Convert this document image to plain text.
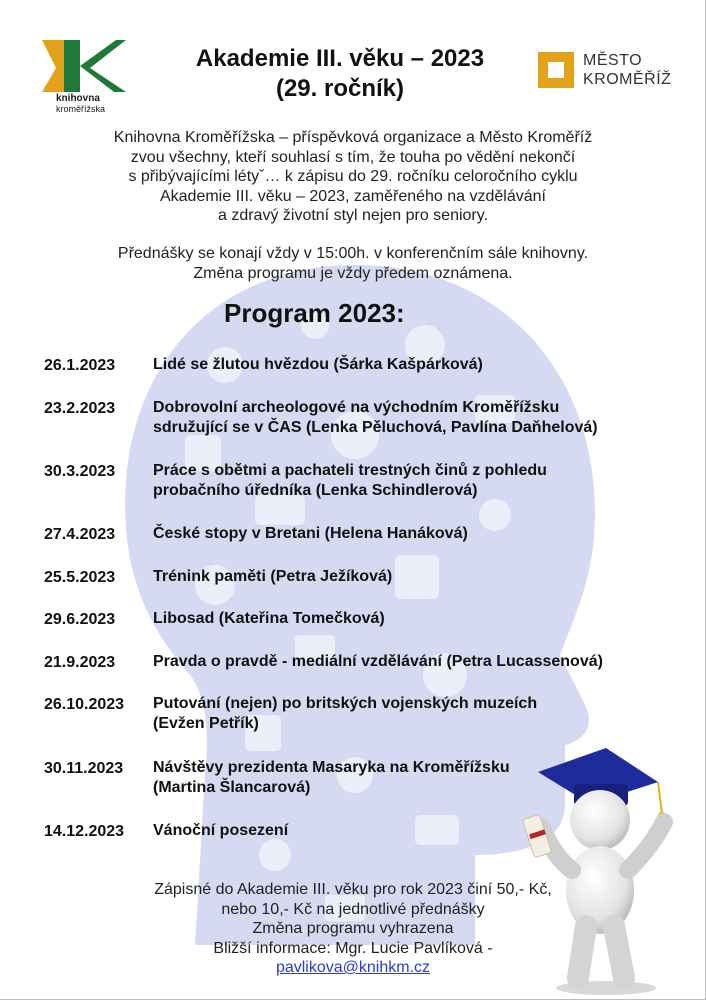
knihovna
kroměřížska
Akademie III. věku – 2023
(29. ročník)
MĚSTO
KROMĚŘÍŽ
Knihovna Kroměřížska – příspěvková organizace a Město Kroměříž
zvou všechny, kteří souhlasí s tím, že touha po vědění nekončí
s přibývajícími létyˇ… k zápisu do 29. ročníku celoročního cyklu
Akademie III. věku – 2023, zaměřeného na vzdělávání
a zdravý životní styl nejen pro seniory.
Přednášky se konají vždy v 15:00h. v konferenčním sále knihovny.
Změna programu je vždy předem oznámena.
Program 2023:
26.1.2023	Lidé se žlutou hvězdou (Šárka Kašpárková)
23.2.2023	Dobrovolní archeologové na východním Kroměřížsku
sdružující se v ČAS (Lenka Pěluchová, Pavlína Daňhelová)
30.3.2023	Práce s obětmi a pachateli trestných činů z pohledu
probačního úředníka (Lenka Schindlerová)
27.4.2023	České stopy v Bretani (Helena Hanáková)
25.5.2023	Trénink paměti (Petra Ježíková)
29.6.2023	Libosad (Kateřina Tomečková)
21.9.2023	Pravda o pravdě - mediální vzdělávání (Petra Lucassenová)
26.10.2023	Putování (nejen) po britských vojenských muzeích
(Evžen Petřík)
30.11.2023	Návštěvy prezidenta Masaryka na Kroměřížsku
(Martina Šlancarová)
14.12.2023	Vánoční posezení
Zápisné do Akademie III. věku pro rok 2023 činí 50,- Kč,
nebo 10,- Kč na jednotlivé přednášky
Změna programu vyhrazena
Bližší informace: Mgr. Lucie Pavlíková -
pavlikova@knihkm.cz
